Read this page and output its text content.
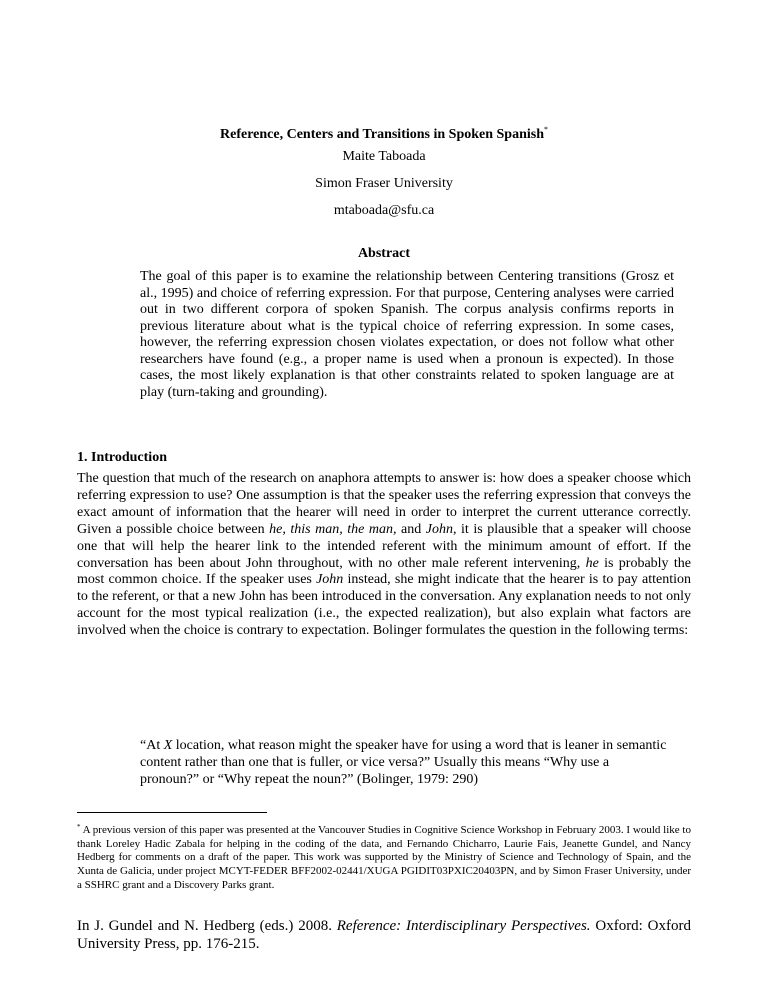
Reference, Centers and Transitions in Spoken Spanish*
Maite Taboada
Simon Fraser University
mtaboada@sfu.ca
Abstract

The goal of this paper is to examine the relationship between Centering transitions (Grosz et al., 1995) and choice of referring expression. For that purpose, Centering analyses were carried out in two different corpora of spoken Spanish. The corpus analysis confirms reports in previous literature about what is the typical choice of referring expression. In some cases, however, the referring expression chosen violates expectation, or does not follow what other researchers have found (e.g., a proper name is used when a pronoun is expected). In those cases, the most likely explanation is that other constraints related to spoken language are at play (turn-taking and grounding).

1. Introduction

The question that much of the research on anaphora attempts to answer is: how does a speaker choose which referring expression to use? One assumption is that the speaker uses the referring expression that conveys the exact amount of information that the hearer will need in order to interpret the current utterance correctly. Given a possible choice between he, this man, the man, and John, it is plausible that a speaker will choose one that will help the hearer link to the intended referent with the minimum amount of effort. If the conversation has been about John throughout, with no other male referent intervening, he is probably the most common choice. If the speaker uses John instead, she might indicate that the hearer is to pay attention to the referent, or that a new John has been introduced in the conversation. Any explanation needs to not only account for the most typical realization (i.e., the expected realization), but also explain what factors are involved when the choice is contrary to expectation. Bolinger formulates the question in the following terms:

“At X location, what reason might the speaker have for using a word that is leaner in semantic content rather than one that is fuller, or vice versa?” Usually this means “Why use a pronoun?” or “Why repeat the noun?” (Bolinger, 1979: 290)

* A previous version of this paper was presented at the Vancouver Studies in Cognitive Science Workshop in February 2003. I would like to thank Loreley Hadic Zabala for helping in the coding of the data, and Fernando Chicharro, Laurie Fais, Jeanette Gundel, and Nancy Hedberg for comments on a draft of the paper. This work was supported by the Ministry of Science and Technology of Spain, and the Xunta de Galicia, under project MCYT-FEDER BFF2002-02441/XUGA PGIDIT03PXIC20403PN, and by Simon Fraser University, under a SSHRC grant and a Discovery Parks grant.

In J. Gundel and N. Hedberg (eds.) 2008. Reference: Interdisciplinary Perspectives. Oxford: Oxford University Press, pp. 176-215.
